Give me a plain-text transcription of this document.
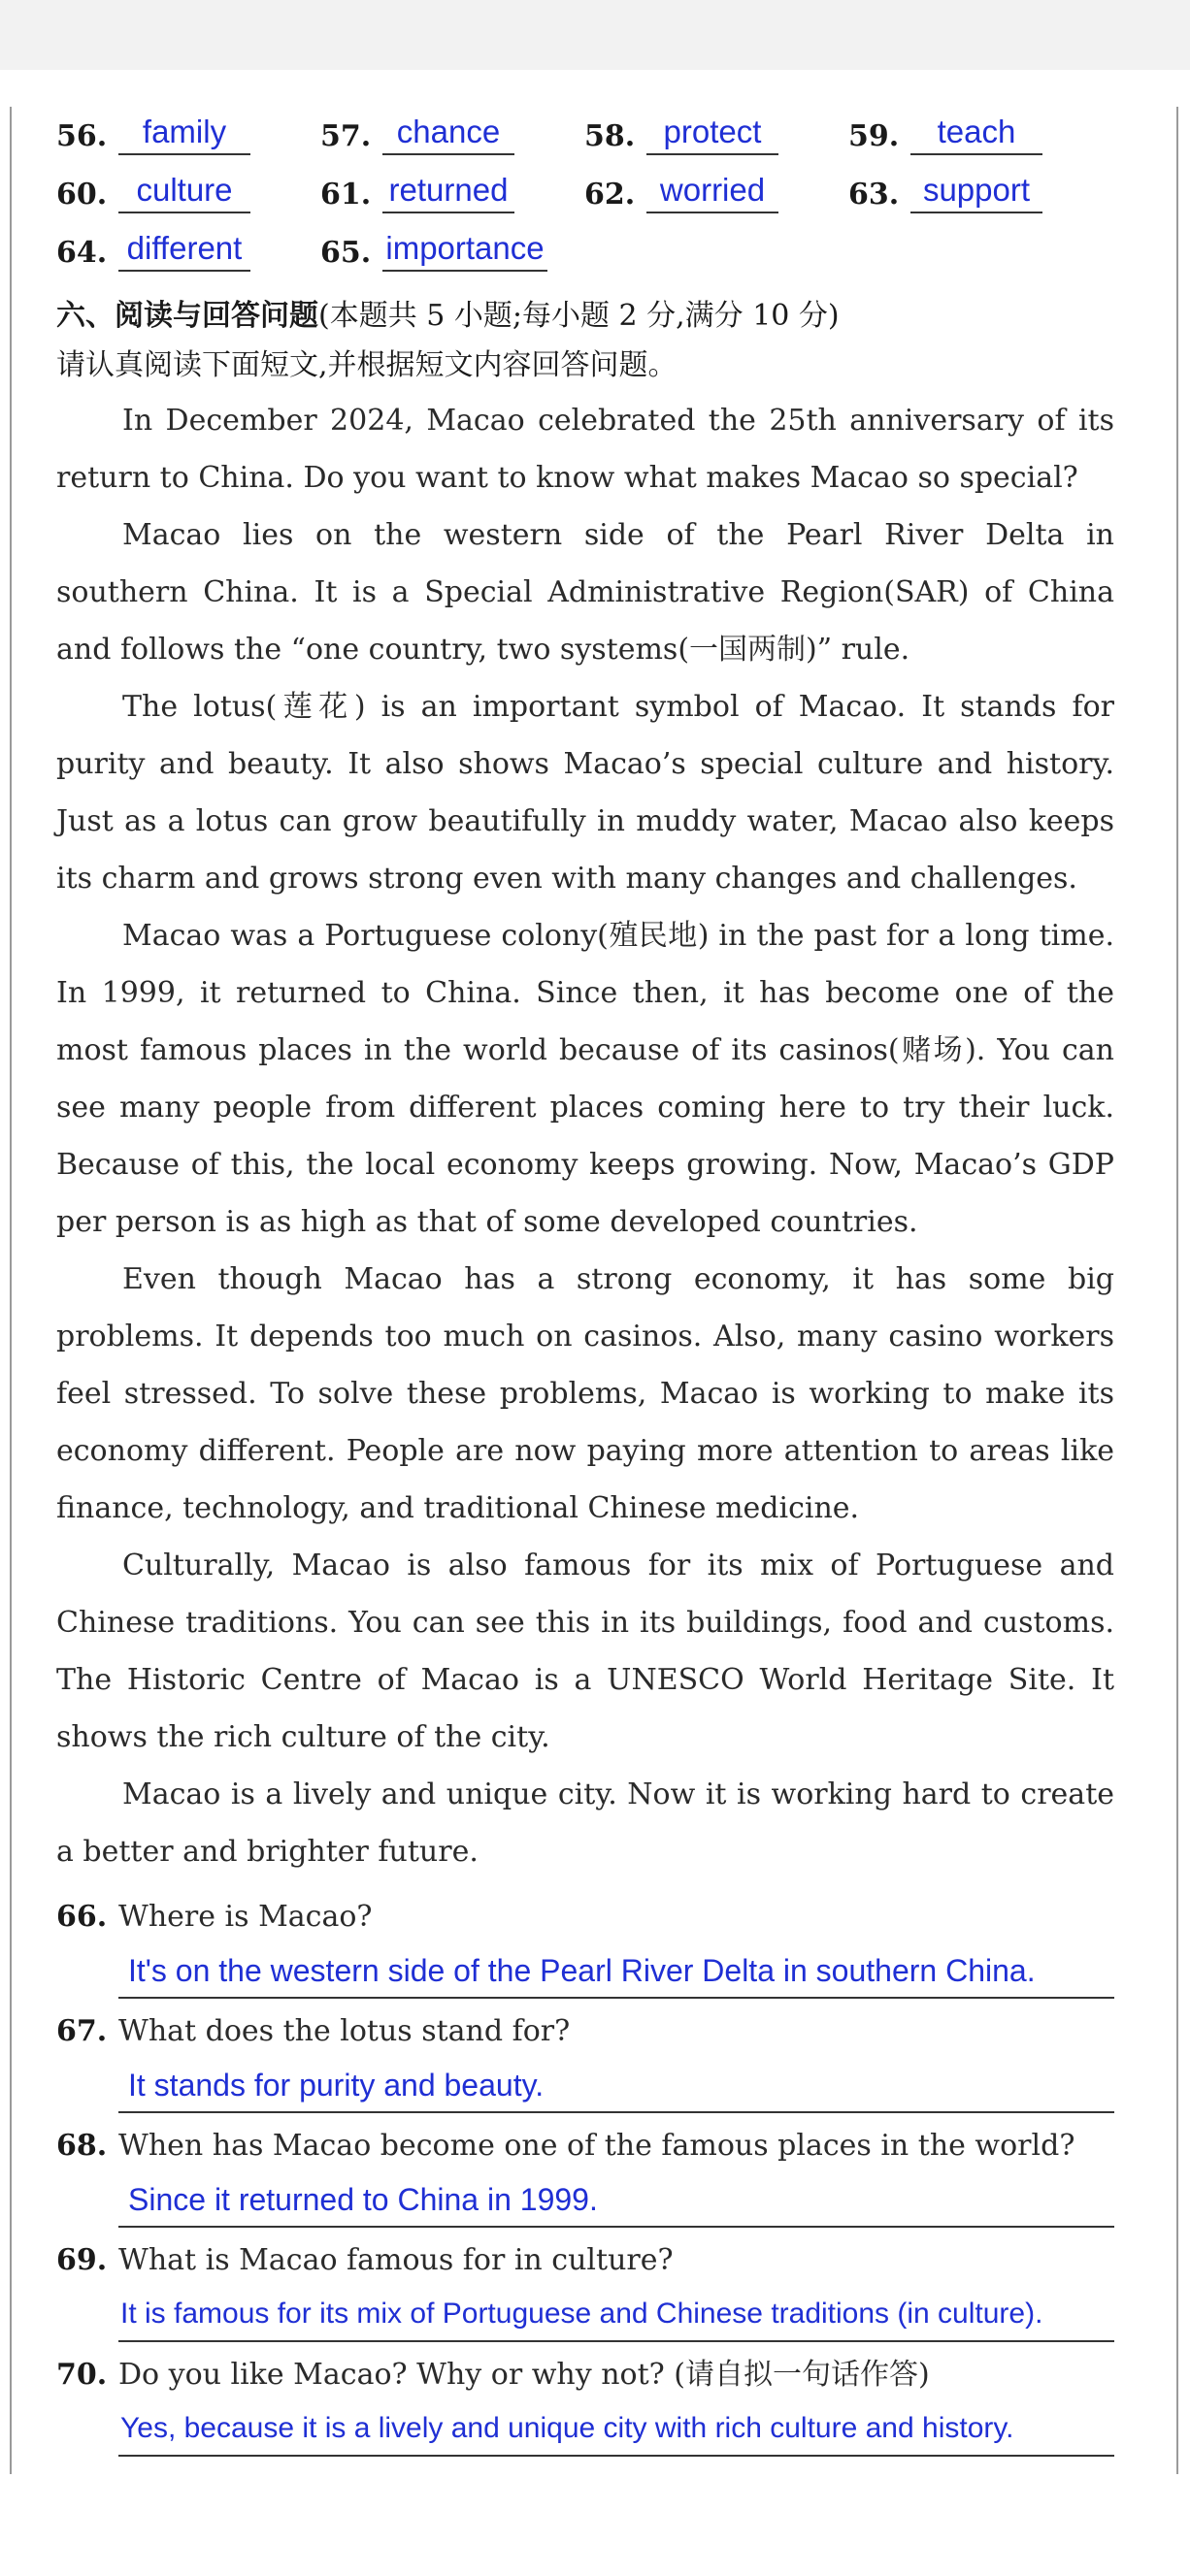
56.	family	57. chance	58. protect	59.	teach
60. culture	61. returned	62. worried	63. support
64. different	65. importance
六、阅读与回答问题(本题共 5 小题;每小题 2 分,满分 10 分)
请认真阅读下面短文,并根据短文内容回答问题。

In December 2024, Macao celebrated the 25th anniversary of its return to China. Do you want to know what makes Macao so special?

Macao lies on the western side of the Pearl River Delta in southern China. It is a Special Administrative Region(SAR) of China and follows the “one country, two systems(一国两制)” rule.

The lotus(莲花) is an important symbol of Macao. It stands for purity and beauty. It also shows Macao’s special culture and history. Just as a lotus can grow beautifully in muddy water, Macao also keeps its charm and grows strong even with many changes and challenges.

Macao was a Portuguese colony(殖民地) in the past for a long time. In 1999, it returned to China. Since then, it has become one of the most famous places in the world because of its casinos(赌场). You can see many people from different places coming here to try their luck. Because of this, the local economy keeps growing. Now, Macao’s GDP per person is as high as that of some developed countries.

Even though Macao has a strong economy, it has some big problems. It depends too much on casinos. Also, many casino workers feel stressed. To solve these problems, Macao is working to make its economy different. People are now paying more attention to areas like finance, technology, and traditional Chinese medicine.

Culturally, Macao is also famous for its mix of Portuguese and Chinese traditions. You can see this in its buildings, food and customs. The Historic Centre of Macao is a UNESCO World Heritage Site. It shows the rich culture of the city.

Macao is a lively and unique city. Now it is working hard to create a better and brighter future.

66. Where is Macao?
It's on the western side of the Pearl River Delta in southern China.
67. What does the lotus stand for?
It stands for purity and beauty.
68. When has Macao become one of the famous places in the world?
Since it returned to China in 1999.
69. What is Macao famous for in culture?
It is famous for its mix of Portuguese and Chinese traditions (in culture).
70. Do you like Macao? Why or why not? (请自拟一句话作答)
Yes, because it is a lively and unique city with rich culture and history.
